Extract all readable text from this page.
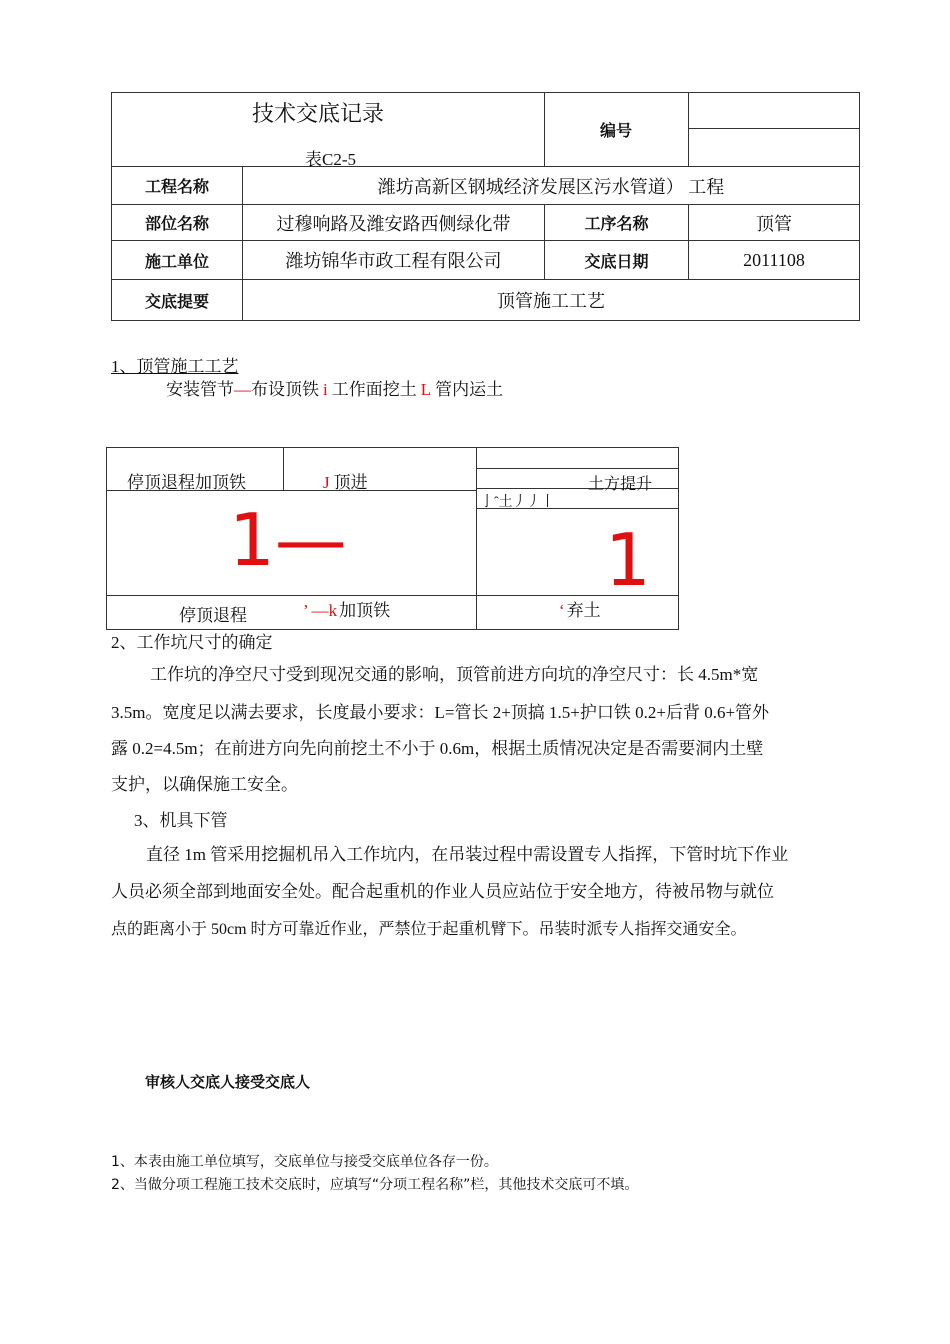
技术交底记录
表C2-5
编号
工程名称	潍坊高新区钢城经济发展区污水管道） 工程
部位名称	过穆响路及潍安路西侧绿化带	工序名称	顶管
施工单位	潍坊锦华市政工程有限公司	交底日期	2011108
交底提要	顶管施工工艺
1、顶管施工工艺
安装管节—布设顶铁 i 工作面挖土 L 管内运土
停顶退程加顶铁	J 顶进	土方提升
亅ˆ土丿丿丨
1—	1
停顶退程	’ —k 加顶铁	‘ 弃土
2、工作坑尺寸的确定
工作坑的净空尺寸受到现况交通的影响，顶管前进方向坑的净空尺寸：长 4.5m*宽
3.5m。宽度足以满去要求，长度最小要求：L=管长 2+顶搞 1.5+护口铁 0.2+后背 0.6+管外
露 0.2=4.5m；在前进方向先向前挖土不小于 0.6m，根据土质情况决定是否需要洞内土壁
支护，以确保施工安全。
3、机具下管
直径 1m 管采用挖掘机吊入工作坑内，在吊装过程中需设置专人指挥，下管时坑下作业
人员必须全部到地面安全处。配合起重机的作业人员应站位于安全地方，待被吊物与就位
点的距离小于 50cm 时方可靠近作业，严禁位于起重机臂下。吊装时派专人指挥交通安全。
审核人交底人接受交底人
1、本表由施工单位填写，交底单位与接受交底单位各存一份。
2、当做分项工程施工技术交底时，应填写“分项工程名称”栏，其他技术交底可不填。
